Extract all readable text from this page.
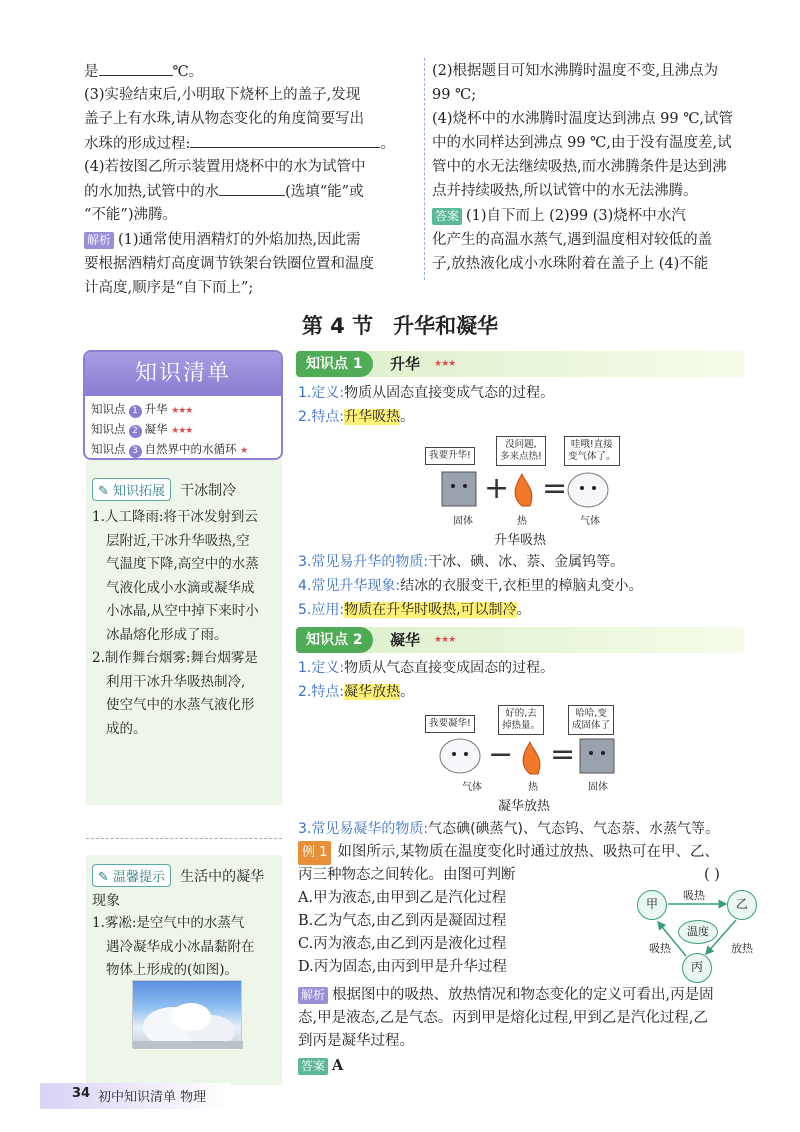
是	℃。
(3)实验结束后,小明取下烧杯上的盖子,发现
盖子上有水珠,请从物态变化的角度简要写出
水珠的形成过程:	。
(4)若按图乙所示装置用烧杯中的水为试管中
的水加热,试管中的水	(选填“能”或
“不能”)沸腾。
解析 (1)通常使用酒精灯的外焰加热,因此需
要根据酒精灯高度调节铁架台铁圈位置和温度
计高度,顺序是“自下而上”;
(2)根据题目可知水沸腾时温度不变,且沸点为
99 ℃;
(4)烧杯中的水沸腾时温度达到沸点 99 ℃,试管
中的水同样达到沸点 99 ℃,由于没有温度差,试
管中的水无法继续吸热,而水沸腾条件是达到沸
点并持续吸热,所以试管中的水无法沸腾。
答案 (1)自下而上 (2)99 (3)烧杯中水汽
化产生的高温水蒸气,遇到温度相对较低的盖
子,放热液化成小水珠附着在盖子上 (4)不能
第 4 节 升华和凝华
知识清单
知识点 1 升华 ★★★
知识点 2 凝华 ★★★
知识点 3 自然界中的水循环 ★
✎ 知识拓展 干冰制冷
1.人工降雨:将干冰发射到云
层附近,干冰升华吸热,空
气温度下降,高空中的水蒸
气液化成小水滴或凝华成
小冰晶,从空中掉下来时小
冰晶熔化形成了雨。
2.制作舞台烟雾:舞台烟雾是
利用干冰升华吸热制冷,
使空气中的水蒸气液化形
成的。
✎ 温馨提示 生活中的凝华
现象
1.雾凇:是空气中的水蒸气
遇冷凝华成小冰晶黏附在
物体上形成的(如图)。
知识点 1	升华 ★★★
1.定义:物质从固态直接变成气态的过程。
2.特点:升华吸热。
我要升华!
没问题,
多来点热!
哇哦!直接
变气体了。
+ =
固体	热	气体
升华吸热
3.常见易升华的物质:干冰、碘、冰、萘、金属钨等。
4.常见升华现象:结冰的衣服变干,衣柜里的樟脑丸变小。
5.应用:物质在升华时吸热,可以制冷。
知识点 2	凝华 ★★★
1.定义:物质从气态直接变成固态的过程。
2.特点:凝华放热。
我要凝华!
好的,去
掉热量。
哈哈,变
成固体了
− =
气体	热	固体
凝华放热
3.常见易凝华的物质:气态碘(碘蒸气)、气态钨、气态萘、水蒸气等。
例 1 如图所示,某物质在温度变化时通过放热、吸热可在甲、乙、
丙三种物态之间转化。由图可判断	( )
A.甲为液态,由甲到乙是汽化过程
B.乙为气态,由乙到丙是凝固过程
C.丙为液态,由乙到丙是液化过程
D.丙为固态,由丙到甲是升华过程
甲	乙
丙
温度
吸热
吸热	放热
解析 根据图中的吸热、放热情况和物态变化的定义可看出,丙是固
态,甲是液态,乙是气态。丙到甲是熔化过程,甲到乙是汽化过程,乙
到丙是凝华过程。
答案 A
34 初中知识清单 物理
